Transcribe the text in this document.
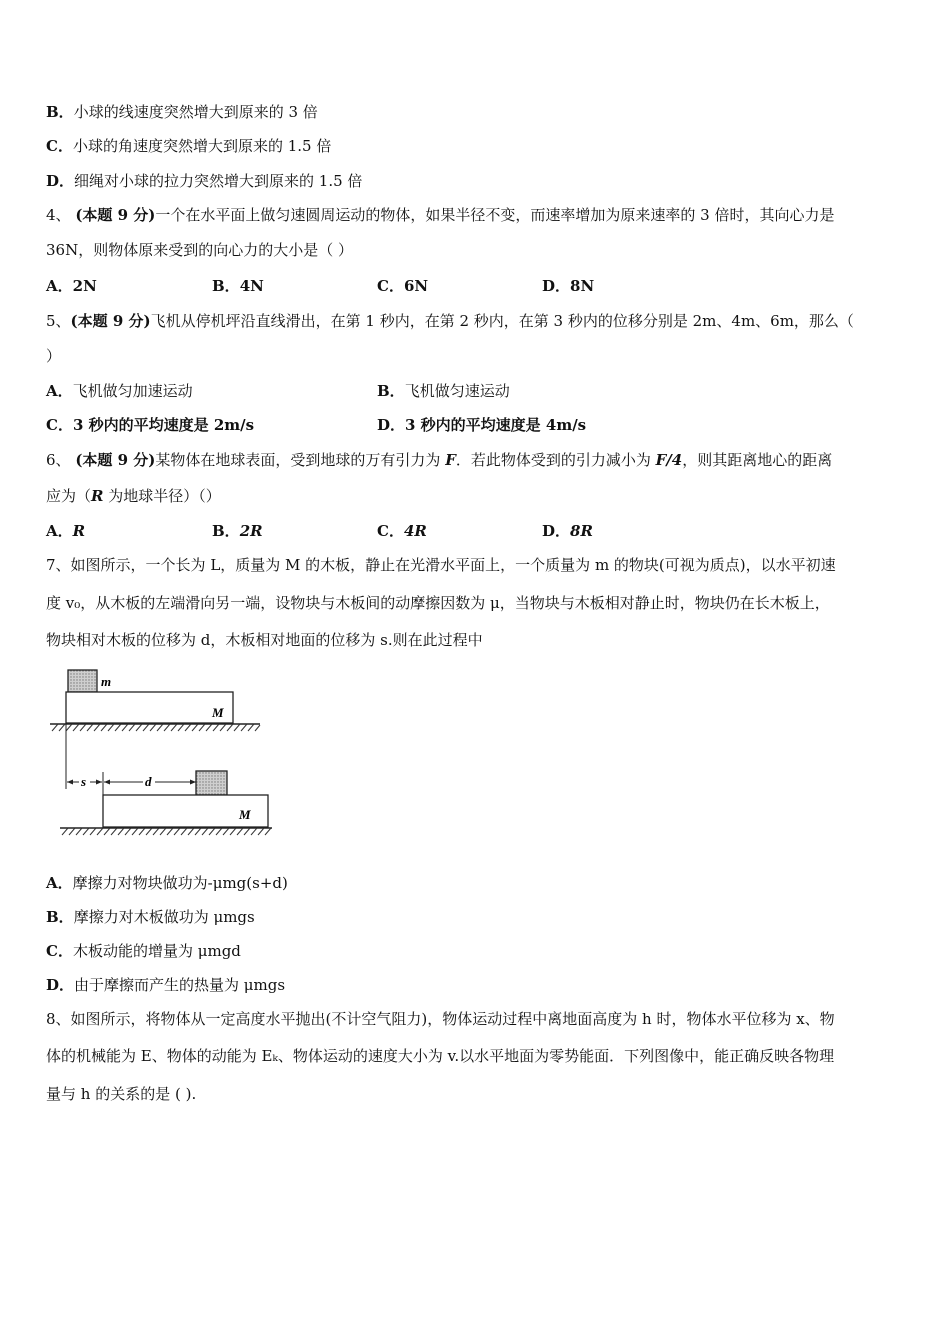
B．小球的线速度突然增大到原来的 3 倍
C．小球的角速度突然增大到原来的 1.5 倍
D．细绳对小球的拉力突然增大到原来的 1.5 倍
4、 (本题 9 分)一个在水平面上做匀速圆周运动的物体，如果半径不变，而速率增加为原来速率的 3 倍时，其向心力是
36N，则物体原来受到的向心力的大小是（ ）
A．2N	B．4N	C．6N	D．8N
5、(本题 9 分)飞机从停机坪沿直线滑出，在第 1 秒内，在第 2 秒内，在第 3 秒内的位移分别是 2m、4m、6m，那么（
）
A．飞机做匀加速运动	B．飞机做匀速运动
C．3 秒内的平均速度是 2m/s	D．3 秒内的平均速度是 4m/s
6、 (本题 9 分)某物体在地球表面，受到地球的万有引力为 F．若此物体受到的引力减小为 F/4，则其距离地心的距离
应为（R 为地球半径）（）
A．R	B．2R	C．4R	D．8R
7、如图所示，一个长为 L，质量为 M 的木板，静止在光滑水平面上，一个质量为 m 的物块(可视为质点)，以水平初速
度 v₀，从木板的左端滑向另一端，设物块与木板间的动摩擦因数为 μ，当物块与木板相对静止时，物块仍在长木板上，
物块相对木板的位移为 d，木板相对地面的位移为 s.则在此过程中
m
M
s	d
M
A．摩擦力对物块做功为-μmg(s+d)
B．摩擦力对木板做功为 μmgs
C．木板动能的增量为 μmgd
D．由于摩擦而产生的热量为 μmgs
8、如图所示，将物体从一定高度水平抛出(不计空气阻力)，物体运动过程中离地面高度为 h 时，物体水平位移为 x、物
体的机械能为 E、物体的动能为 Eₖ、物体运动的速度大小为 v.以水平地面为零势能面．下列图像中，能正确反映各物理
量与 h 的关系的是 ( ).
